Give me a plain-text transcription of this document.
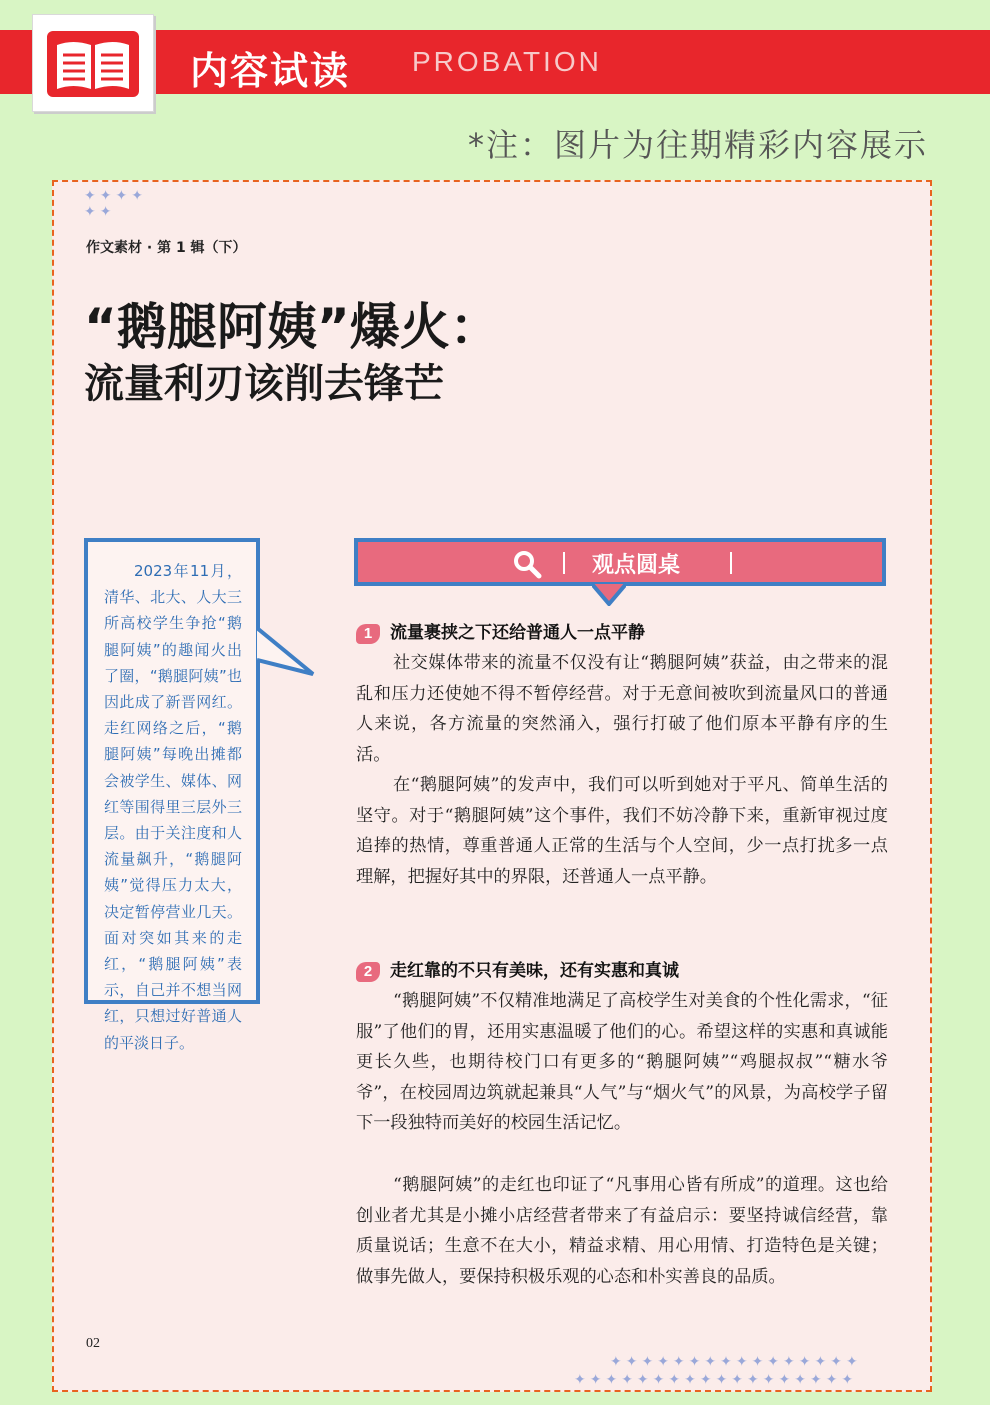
内容试读 PROBATION
*注：图片为往期精彩内容展示
✦✦✦✦
✦✦
✦✦✦✦✦✦✦✦✦✦✦✦✦✦✦✦
✦✦✦✦✦✦✦✦✦✦✦✦✦✦✦✦✦✦
作文素材 · 第 1 辑（下）
“鹅腿阿姨”爆火：
流量利刃该削去锋芒
2023年11月，清华、北大、人大三所高校学生争抢“鹅腿阿姨”的趣闻火出了圈，“鹅腿阿姨”也因此成了新晋网红。走红网络之后，“鹅腿阿姨”每晚出摊都会被学生、媒体、网红等围得里三层外三层。由于关注度和人流量飙升，“鹅腿阿姨”觉得压力太大，决定暂停营业几天。面对突如其来的走红，“鹅腿阿姨”表示，自己并不想当网红，只想过好普通人的平淡日子。
观点圆桌
1 流量裹挟之下还给普通人一点平静
社交媒体带来的流量不仅没有让“鹅腿阿姨”获益，由之带来的混乱和压力还使她不得不暂停经营。对于无意间被吹到流量风口的普通人来说，各方流量的突然涌入，强行打破了他们原本平静有序的生活。
在“鹅腿阿姨”的发声中，我们可以听到她对于平凡、简单生活的坚守。对于“鹅腿阿姨”这个事件，我们不妨冷静下来，重新审视过度追捧的热情，尊重普通人正常的生活与个人空间，少一点打扰多一点理解，把握好其中的界限，还普通人一点平静。
2 走红靠的不只有美味，还有实惠和真诚
“鹅腿阿姨”不仅精准地满足了高校学生对美食的个性化需求，“征服”了他们的胃，还用实惠温暖了他们的心。希望这样的实惠和真诚能更长久些，也期待校门口有更多的“鹅腿阿姨”“鸡腿叔叔”“糖水爷爷”，在校园周边筑就起兼具“人气”与“烟火气”的风景，为高校学子留下一段独特而美好的校园生活记忆。
“鹅腿阿姨”的走红也印证了“凡事用心皆有所成”的道理。这也给创业者尤其是小摊小店经营者带来了有益启示：要坚持诚信经营，靠质量说话；生意不在大小，精益求精、用心用情、打造特色是关键；做事先做人，要保持积极乐观的心态和朴实善良的品质。
02
